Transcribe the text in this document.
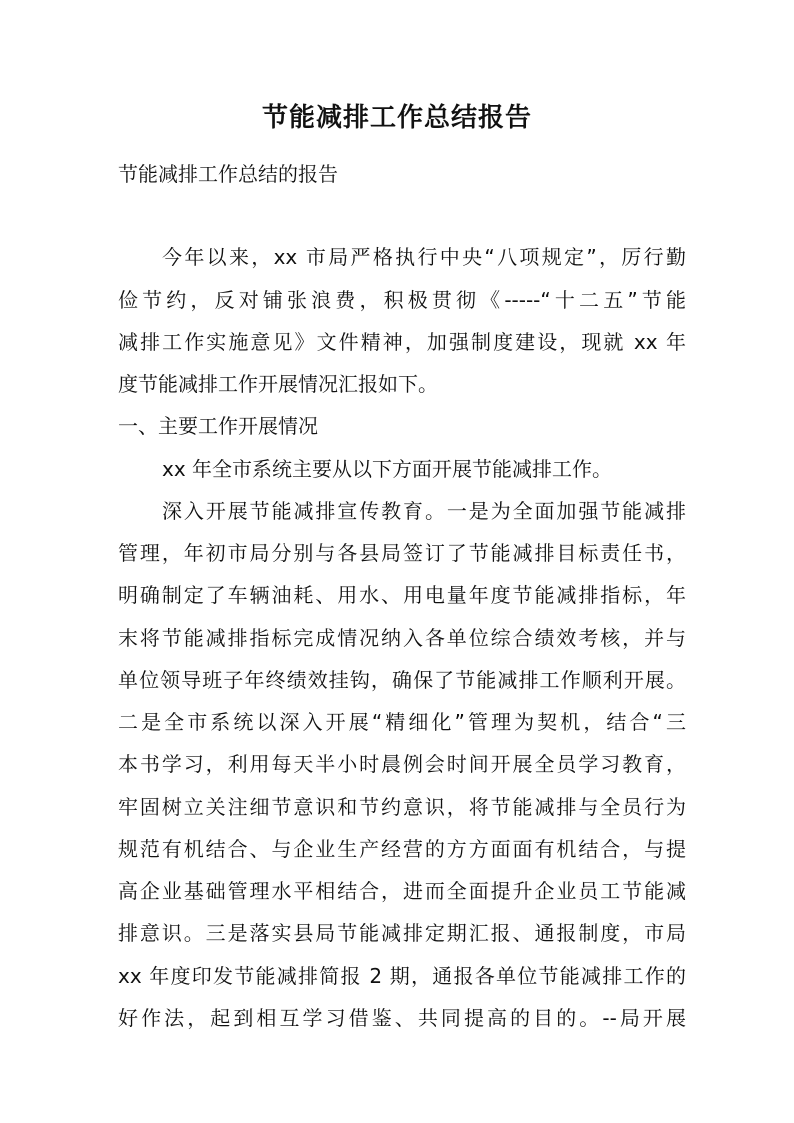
节能减排工作总结报告
节能减排工作总结的报告
今年以来，xx 市局严格执行中央“八项规定”，厉行勤
俭节约，反对铺张浪费，积极贯彻《-----“十二五”节能
减排工作实施意见》文件精神，加强制度建设，现就 xx 年
度节能减排工作开展情况汇报如下。
一、主要工作开展情况
xx 年全市系统主要从以下方面开展节能减排工作。
深入开展节能减排宣传教育。一是为全面加强节能减排
管理，年初市局分别与各县局签订了节能减排目标责任书，
明确制定了车辆油耗、用水、用电量年度节能减排指标，年
末将节能减排指标完成情况纳入各单位综合绩效考核，并与
单位领导班子年终绩效挂钩，确保了节能减排工作顺利开展。
二是全市系统以深入开展“精细化”管理为契机，结合“三
本书学习，利用每天半小时晨例会时间开展全员学习教育，
牢固树立关注细节意识和节约意识，将节能减排与全员行为
规范有机结合、与企业生产经营的方方面面有机结合，与提
高企业基础管理水平相结合，进而全面提升企业员工节能减
排意识。三是落实县局节能减排定期汇报、通报制度，市局
xx 年度印发节能减排简报 2 期，通报各单位节能减排工作的
好作法，起到相互学习借鉴、共同提高的目的。--局开展
